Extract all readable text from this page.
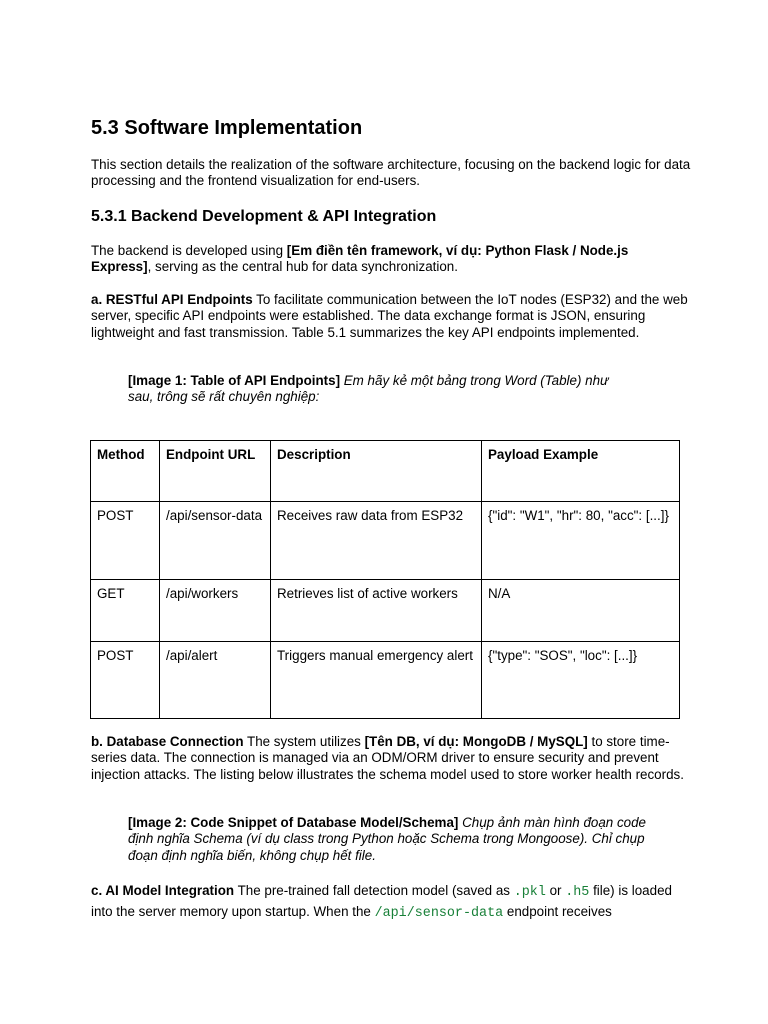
5.3 Software Implementation
This section details the realization of the software architecture, focusing on the backend logic for data processing and the frontend visualization for end-users.
5.3.1 Backend Development & API Integration
The backend is developed using [Em điền tên framework, ví dụ: Python Flask / Node.js Express], serving as the central hub for data synchronization.
a. RESTful API Endpoints To facilitate communication between the IoT nodes (ESP32) and the web server, specific API endpoints were established. The data exchange format is JSON, ensuring lightweight and fast transmission. Table 5.1 summarizes the key API endpoints implemented.
[Image 1: Table of API Endpoints] Em hãy kẻ một bảng trong Word (Table) như sau, trông sẽ rất chuyên nghiệp:
Method	Endpoint URL	Description	Payload Example
POST	/api/sensor-data	Receives raw data from ESP32	{"id": "W1", "hr": 80, "acc": [...]}
GET	/api/workers	Retrieves list of active workers	N/A
POST	/api/alert	Triggers manual emergency alert	{"type": "SOS", "loc": [...]}
b. Database Connection The system utilizes [Tên DB, ví dụ: MongoDB / MySQL] to store time-series data. The connection is managed via an ODM/ORM driver to ensure security and prevent injection attacks. The listing below illustrates the schema model used to store worker health records.
[Image 2: Code Snippet of Database Model/Schema] Chụp ảnh màn hình đoạn code định nghĩa Schema (ví dụ class trong Python hoặc Schema trong Mongoose). Chỉ chụp đoạn định nghĩa biến, không chụp hết file.
c. AI Model Integration The pre-trained fall detection model (saved as .pkl or .h5 file) is loaded into the server memory upon startup. When the /api/sensor-data endpoint receives
